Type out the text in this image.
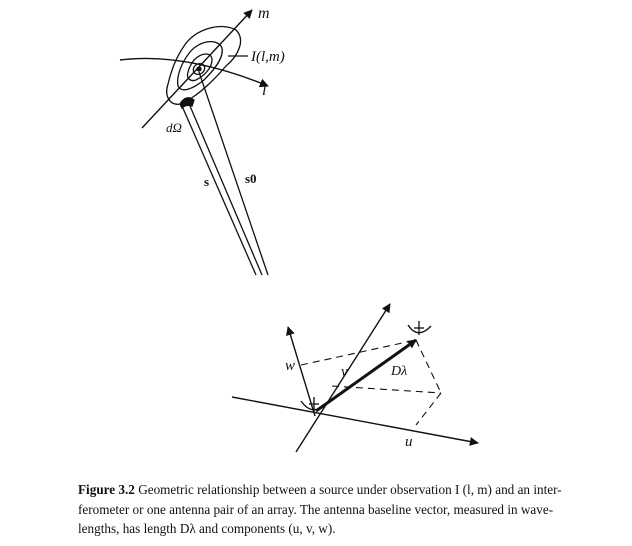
m
I(l,m)
l
dΩ
s	s0
w	v	Dλ
u
Figure 3.2 Geometric relationship between a source under observation I (l, m) and an inter-
ferometer or one antenna pair of an array. The antenna baseline vector, measured in wave-
lengths, has length Dλ and components (u, v, w).
